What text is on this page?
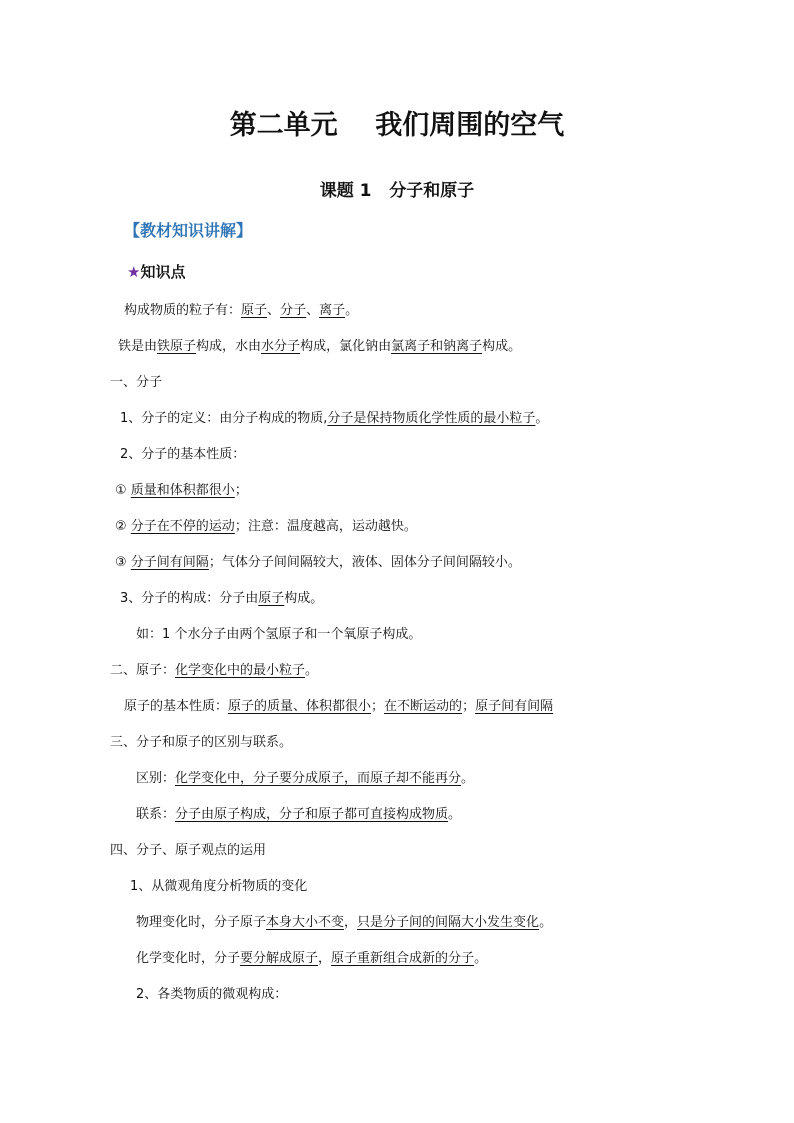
第二单元 我们周围的空气
课题 1 分子和原子
【教材知识讲解】
★知识点
构成物质的粒子有：原子、分子、离子。
铁是由铁原子构成，水由水分子构成，氯化钠由氯离子和钠离子构成。
一、分子
1、分子的定义：由分子构成的物质,分子是保持物质化学性质的最小粒子。
2、分子的基本性质：
① 质量和体积都很小；
② 分子在不停的运动；注意：温度越高，运动越快。
③ 分子间有间隔；气体分子间间隔较大，液体、固体分子间间隔较小。
3、分子的构成：分子由原子构成。
如：1 个水分子由两个氢原子和一个氧原子构成。
二、原子：化学变化中的最小粒子。
原子的基本性质：原子的质量、体积都很小；在不断运动的；原子间有间隔
三、分子和原子的区别与联系。
区别：化学变化中，分子要分成原子，而原子却不能再分。
联系：分子由原子构成，分子和原子都可直接构成物质。
四、分子、原子观点的运用
1、从微观角度分析物质的变化
物理变化时，分子原子本身大小不变，只是分子间的间隔大小发生变化。
化学变化时，分子要分解成原子，原子重新组合成新的分子。
2、各类物质的微观构成：
